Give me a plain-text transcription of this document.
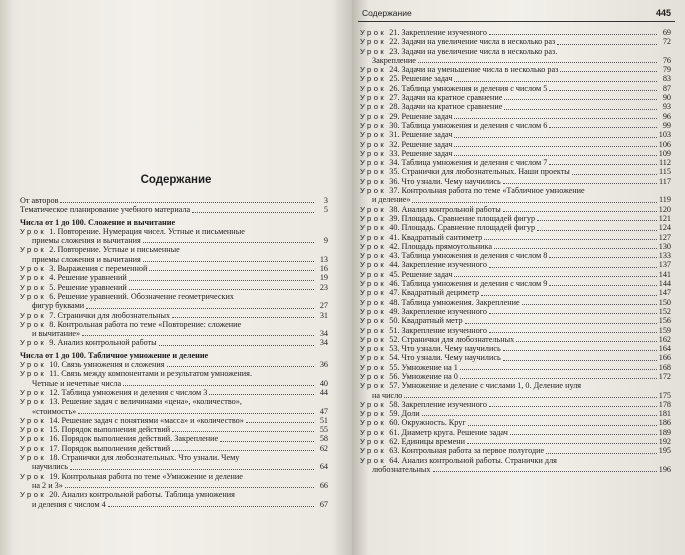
Содержание
От авторов	3
Тематическое планирование учебного материала	5
Числа от 1 до 100. Сложение и вычитание
Урок 1. Повторение. Нумерация чисел. Устные и письменные
приемы сложения и вычитания	9
Урок 2. Повторение. Устные и письменные
приемы сложения и вычитания	13
Урок 3. Выражения с переменной	16
Урок 4. Решение уравнений	19
Урок 5. Решение уравнений	23
Урок 6. Решение уравнений. Обозначение геометрических
фигур буквами	27
Урок 7. Странички для любознательных	31
Урок 8. Контрольная работа по теме «Повторение: сложение
и вычитание»	34
Урок 9. Анализ контрольной работы	34
Числа от 1 до 100. Табличное умножение и деление
Урок 10. Связь умножения и сложения	36
Урок 11. Связь между компонентами и результатом умножения.
Четные и нечетные числа	40
Урок 12. Таблица умножения и деления с числом 3	44
Урок 13. Решение задач с величинами «цена», «количество»,
«стоимость»	47
Урок 14. Решение задач с понятиями «масса» и «количество»	51
Урок 15. Порядок выполнения действий	55
Урок 16. Порядок выполнения действий. Закрепление	58
Урок 17. Порядок выполнения действий	62
Урок 18. Странички для любознательных. Что узнали. Чему
научились	64
Урок 19. Контрольная работа по теме «Умножение и деление
на 2 и 3»	66
Урок 20. Анализ контрольной работы. Таблица умножения
и деления с числом 4	67
Содержание	445
Урок 21. Закрепление изученного	69
Урок 22. Задачи на увеличение числа в несколько раз	72
Урок 23. Задачи на увеличение числа в несколько раз.
Закрепление	76
Урок 24. Задачи на уменьшение числа в несколько раз	79
Урок 25. Решение задач	83
Урок 26. Таблица умножения и деления с числом 5	87
Урок 27. Задачи на кратное сравнение	90
Урок 28. Задачи на кратное сравнение	93
Урок 29. Решение задач	96
Урок 30. Таблица умножения и деления с числом 6	99
Урок 31. Решение задач	103
Урок 32. Решение задач	106
Урок 33. Решение задач	109
Урок 34. Таблица умножения и деления с числом 7	112
Урок 35. Странички для любознательных. Наши проекты	115
Урок 36. Что узнали. Чему научились	117
Урок 37. Контрольная работа по теме «Табличное умножение
и деление»	119
Урок 38. Анализ контрольной работы	120
Урок 39. Площадь. Сравнение площадей фигур	121
Урок 40. Площадь. Сравнение площадей фигур	124
Урок 41. Квадратный сантиметр	127
Урок 42. Площадь прямоугольника	130
Урок 43. Таблица умножения и деления с числом 8	133
Урок 44. Закрепление изученного	137
Урок 45. Решение задач	141
Урок 46. Таблица умножения и деления с числом 9	144
Урок 47. Квадратный дециметр	147
Урок 48. Таблица умножения. Закрепление	150
Урок 49. Закрепление изученного	152
Урок 50. Квадратный метр	156
Урок 51. Закрепление изученного	159
Урок 52. Странички для любознательных	162
Урок 53. Что узнали. Чему научились	164
Урок 54. Что узнали. Чему научились	166
Урок 55. Умножение на 1	168
Урок 56. Умножение на 0	172
Урок 57. Умножение и деление с числами 1, 0. Деление нуля
на число	175
Урок 58. Закрепление изученного	178
Урок 59. Доли	181
Урок 60. Окружность. Круг	186
Урок 61. Диаметр круга. Решение задач	189
Урок 62. Единицы времени	192
Урок 63. Контрольная работа за первое полугодие	195
Урок 64. Анализ контрольной работы. Странички для
любознательных	196
